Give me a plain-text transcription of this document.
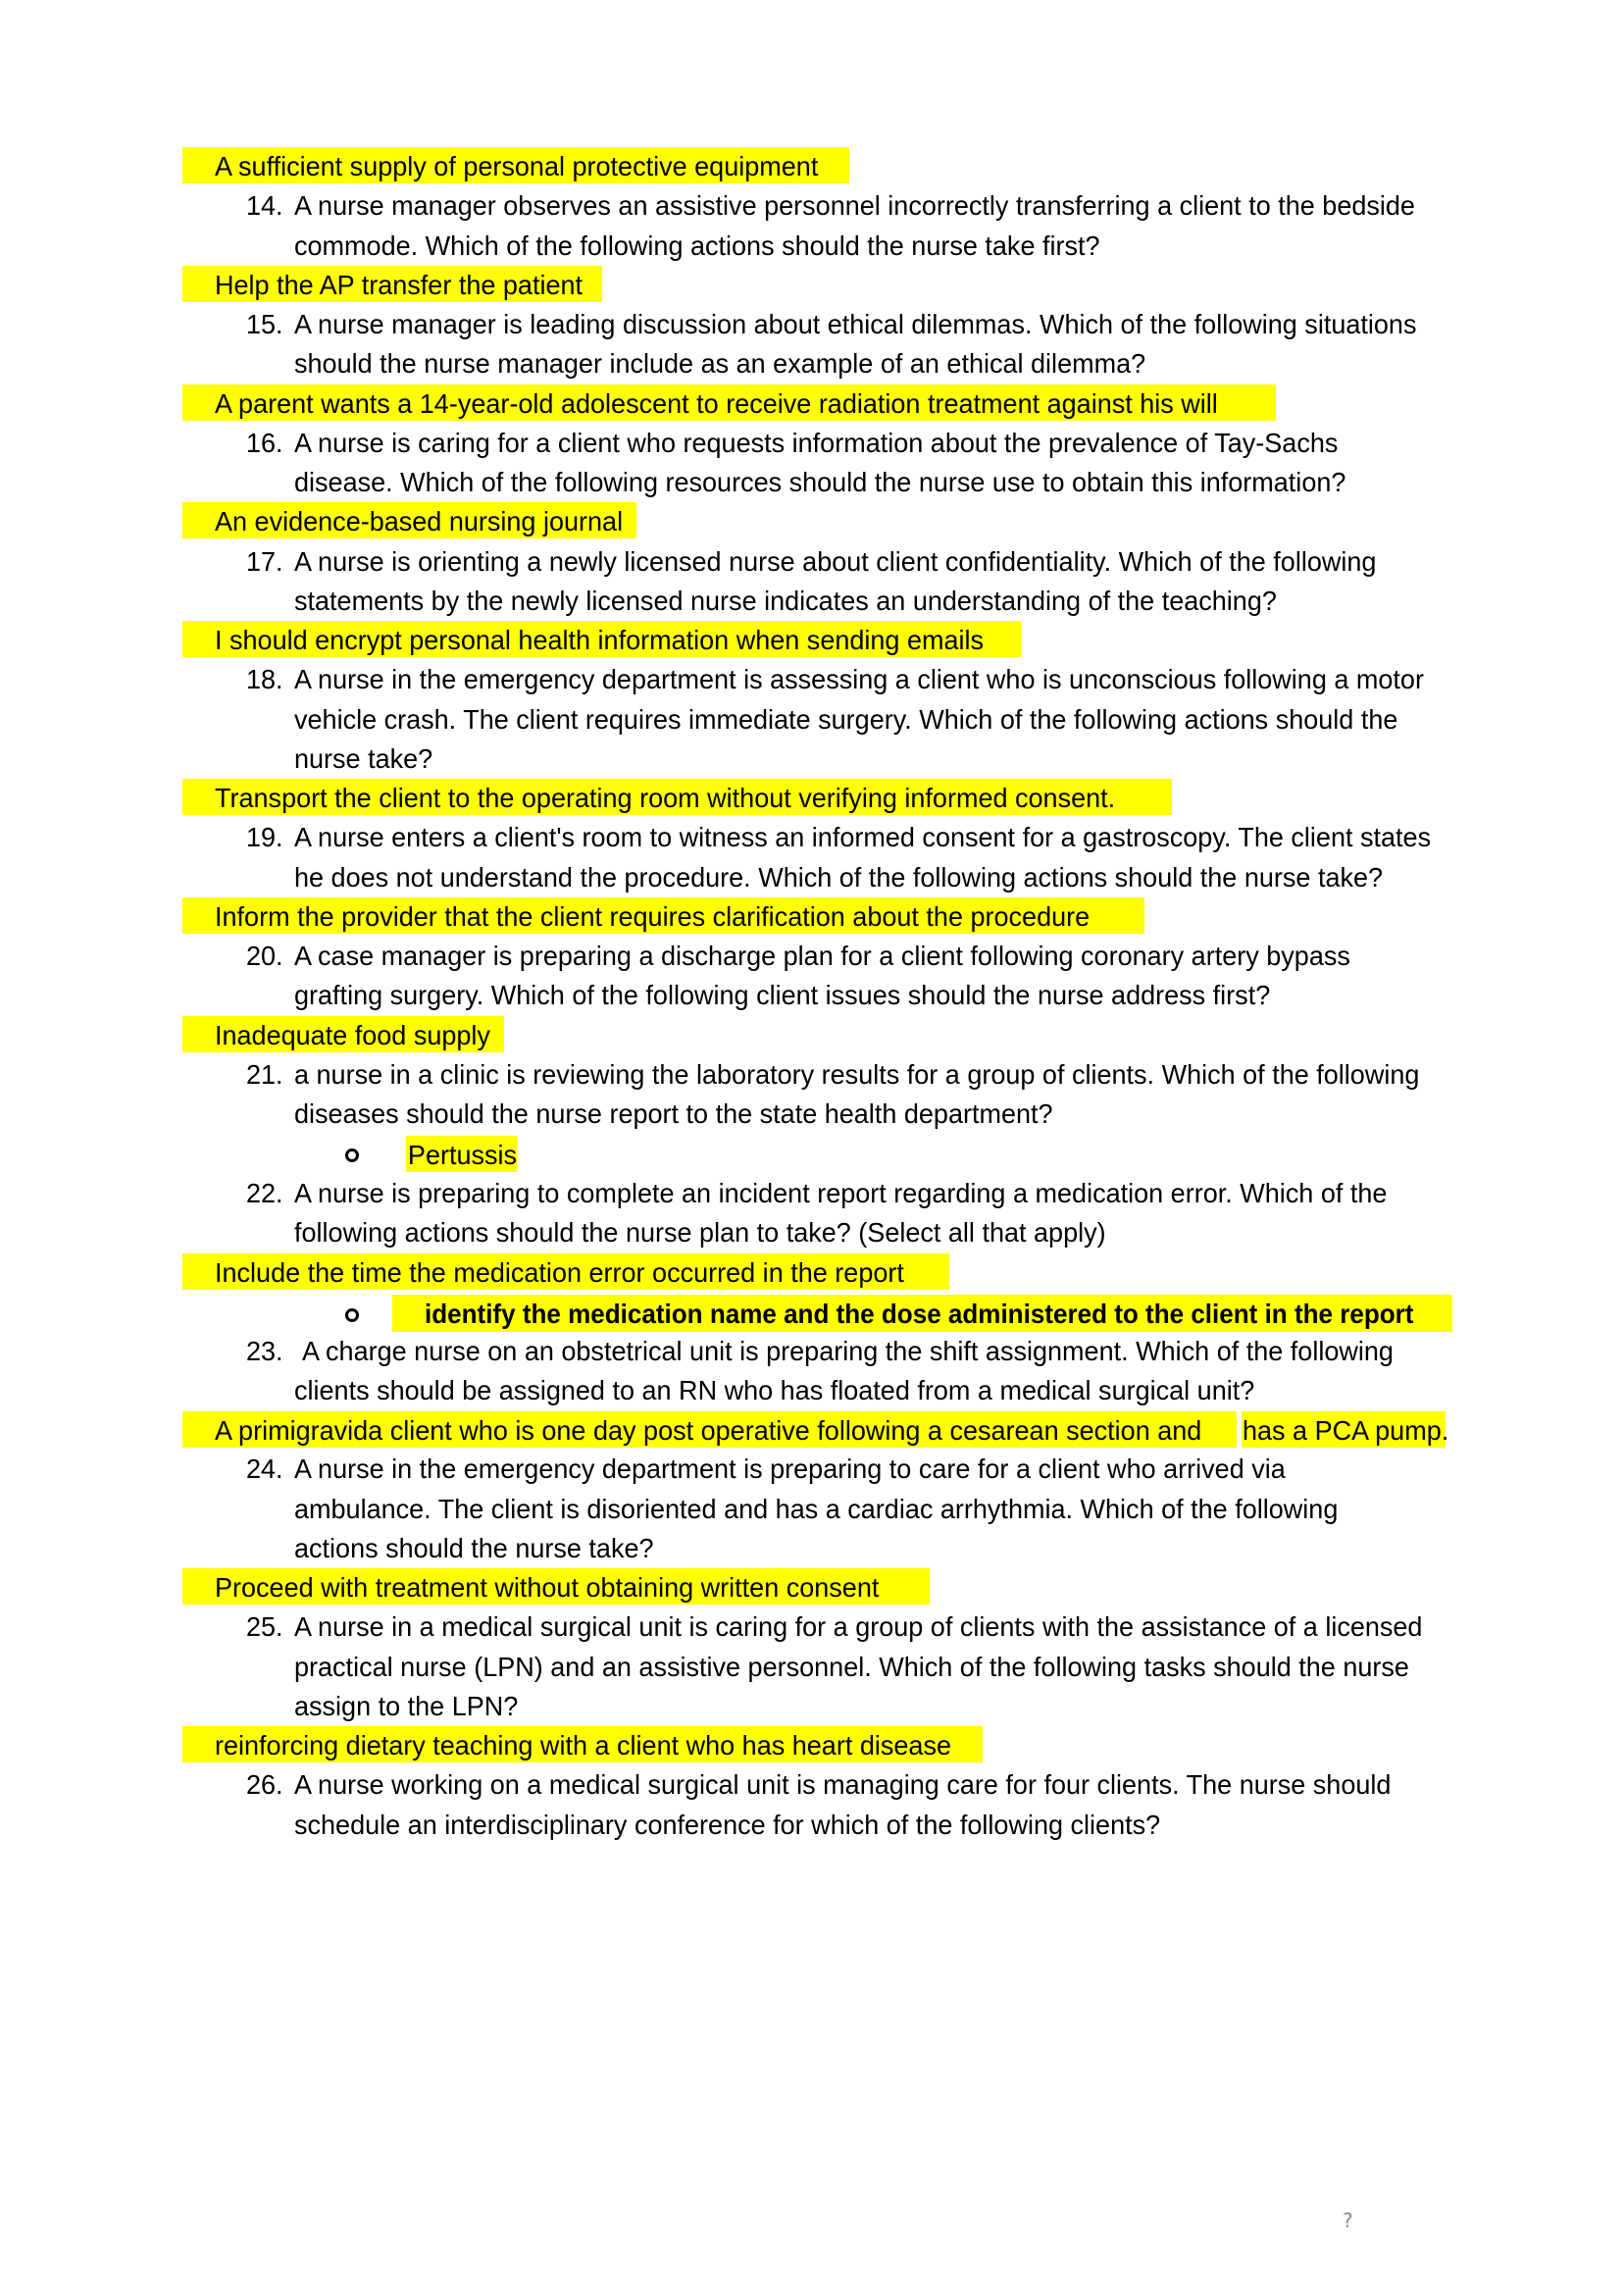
A sufficient supply of personal protective equipment
14. A nurse manager observes an assistive personnel incorrectly transferring a client to the bedside
commode. Which of the following actions should the nurse take first?
Help the AP transfer the patient
15. A nurse manager is leading discussion about ethical dilemmas. Which of the following situations
should the nurse manager include as an example of an ethical dilemma?
A parent wants a 14-year-old adolescent to receive radiation treatment against his will
16. A nurse is caring for a client who requests information about the prevalence of Tay-Sachs
disease. Which of the following resources should the nurse use to obtain this information?
An evidence-based nursing journal
17. A nurse is orienting a newly licensed nurse about client confidentiality. Which of the following
statements by the newly licensed nurse indicates an understanding of the teaching?
I should encrypt personal health information when sending emails
18. A nurse in the emergency department is assessing a client who is unconscious following a motor
vehicle crash. The client requires immediate surgery. Which of the following actions should the
nurse take?
Transport the client to the operating room without verifying informed consent.
19. A nurse enters a client's room to witness an informed consent for a gastroscopy. The client states
he does not understand the procedure. Which of the following actions should the nurse take?
Inform the provider that the client requires clarification about the procedure
20. A case manager is preparing a discharge plan for a client following coronary artery bypass
grafting surgery. Which of the following client issues should the nurse address first?
Inadequate food supply
21. a nurse in a clinic is reviewing the laboratory results for a group of clients. Which of the following
diseases should the nurse report to the state health department?
Pertussis
22. A nurse is preparing to complete an incident report regarding a medication error. Which of the
following actions should the nurse plan to take? (Select all that apply)
Include the time the medication error occurred in the report
identify the medication name and the dose administered to the client in the report
23. A charge nurse on an obstetrical unit is preparing the shift assignment. Which of the following
clients should be assigned to an RN who has floated from a medical surgical unit?
A primigravida client who is one day post operative following a cesarean section and has a PCA pump.
24. A nurse in the emergency department is preparing to care for a client who arrived via
ambulance. The client is disoriented and has a cardiac arrhythmia. Which of the following
actions should the nurse take?
Proceed with treatment without obtaining written consent
25. A nurse in a medical surgical unit is caring for a group of clients with the assistance of a licensed
practical nurse (LPN) and an assistive personnel. Which of the following tasks should the nurse
assign to the LPN?
reinforcing dietary teaching with a client who has heart disease
26. A nurse working on a medical surgical unit is managing care for four clients. The nurse should
schedule an interdisciplinary conference for which of the following clients?
?
